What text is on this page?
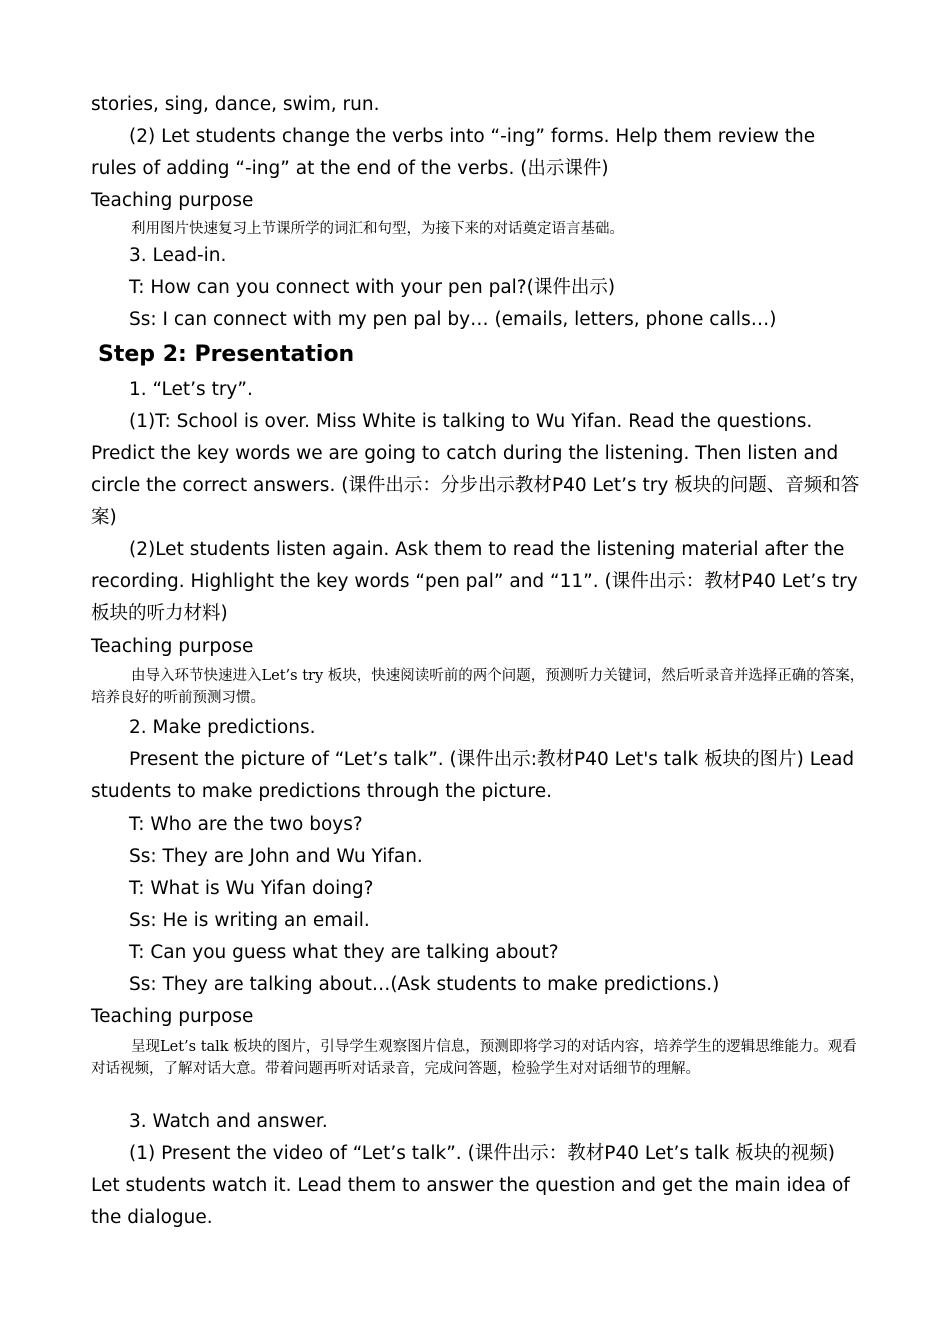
stories, sing, dance, swim, run.

(2) Let students change the verbs into “-ing” forms. Help them review the rules of adding “-ing” at the end of the verbs. (出示课件)

Teaching purpose

利用图片快速复习上节课所学的词汇和句型，为接下来的对话奠定语言基础。

3. Lead-in.

T: How can you connect with your pen pal?(课件出示)

Ss: I can connect with my pen pal by… (emails, letters, phone calls…)

Step 2: Presentation

1. “Let’s try”.

(1)T: School is over. Miss White is talking to Wu Yifan. Read the questions. Predict the key words we are going to catch during the listening. Then listen and circle the correct answers. (课件出示：分步出示教材P40 Let’s try 板块的问题、音频和答案)

(2)Let students listen again. Ask them to read the listening material after the recording. Highlight the key words “pen pal” and “11”. (课件出示：教材P40 Let’s try 板块的听力材料)

Teaching purpose

由导入环节快速进入Let’s try 板块，快速阅读听前的两个问题，预测听力关键词，然后听录音并选择正确的答案，培养良好的听前预测习惯。

2. Make predictions.

Present the picture of “Let’s talk”. (课件出示:教材P40 Let's talk 板块的图片) Lead students to make predictions through the picture.

T: Who are the two boys?

Ss: They are John and Wu Yifan.

T: What is Wu Yifan doing?

Ss: He is writing an email.

T: Can you guess what they are talking about?

Ss: They are talking about…(Ask students to make predictions.)

Teaching purpose

呈现Let’s talk 板块的图片，引导学生观察图片信息，预测即将学习的对话内容，培养学生的逻辑思维能力。观看对话视频，了解对话大意。带着问题再听对话录音，完成问答题，检验学生对对话细节的理解。

3. Watch and answer.

(1) Present the video of “Let’s talk”. (课件出示：教材P40 Let’s talk 板块的视频) Let students watch it. Lead them to answer the question and get the main idea of the dialogue.
